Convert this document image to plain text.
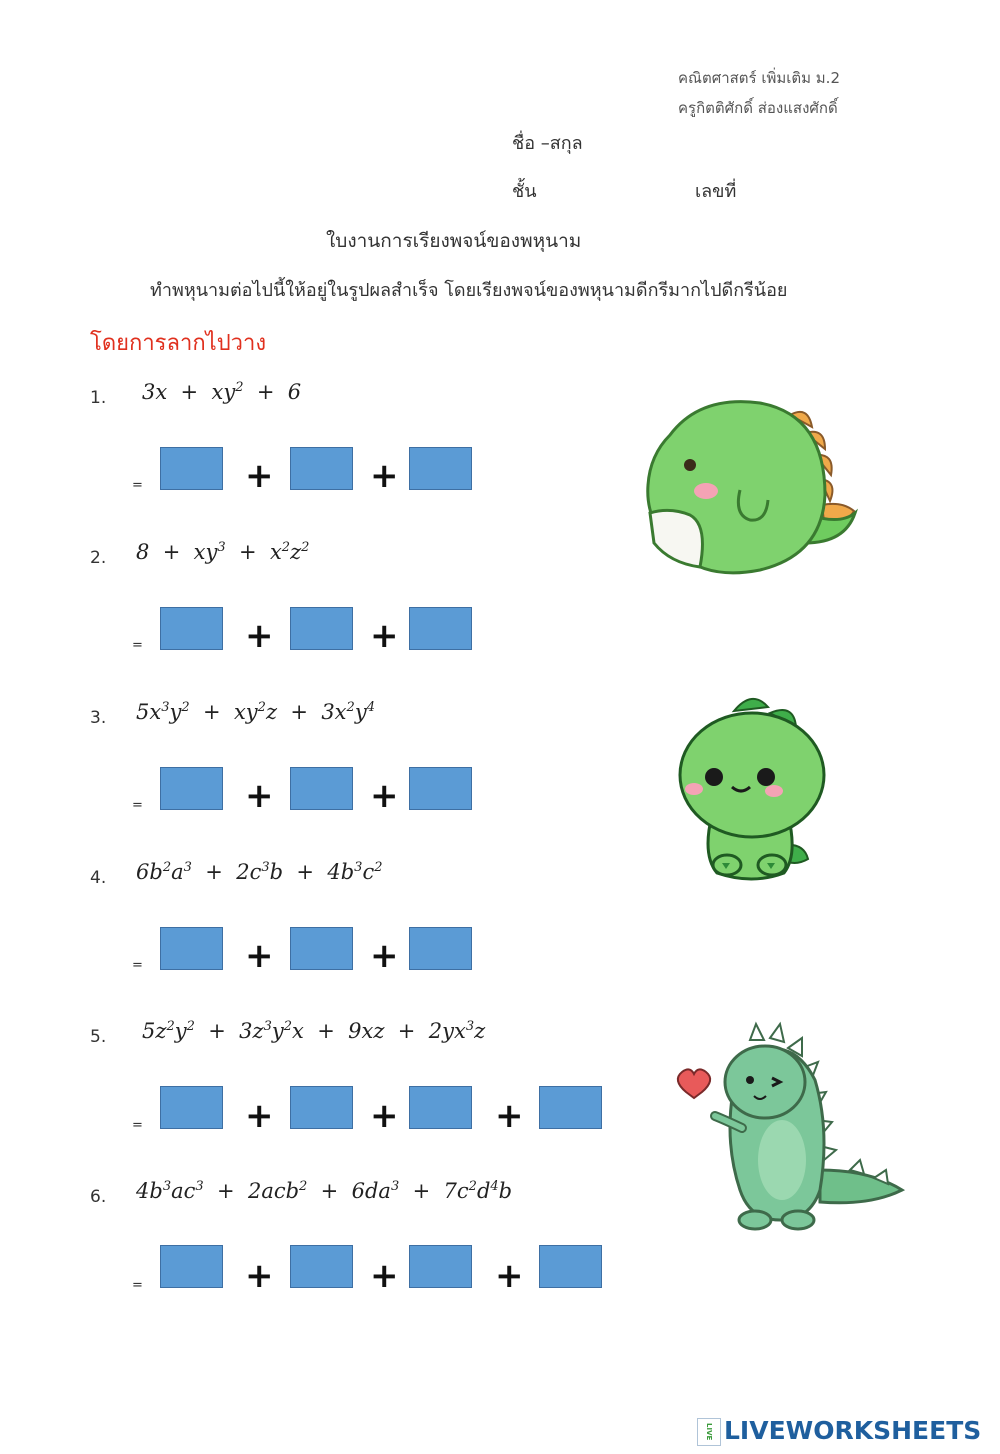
คณิตศาสตร์ เพิ่มเติม ม.2
ครูกิตติศักดิ์ ส่องแสงศักดิ์
ชื่อ –สกุล
ชั้น	เลขที่
ใบงานการเรียงพจน์ของพหุนาม
ทำพหุนามต่อไปนี้ให้อยู่ในรูปผลสำเร็จ โดยเรียงพจน์ของพหุนามดีกรีมากไปดีกรีน้อย
โดยการลากไปวาง
1. $3x + xy^2 + 6$
=	+	+
2. $8 + xy^3 + x^2z^2$
=	+	+
3. $5x^3y^2 + xy^2z + 3x^2y^4$
=	+	+
4. $6b^2a^3 + 2c^3b + 4b^3c^2$
=	+	+
5. $5z^2y^2 + 3z^3y^2x + 9xz + 2yx^3z$
=	+	+	+
6. $4b^3ac^3 + 2acb^2 + 6da^3 + 7c^2d^4b$
=	+	+	+
LIVE LIVEWORKSHEETS
